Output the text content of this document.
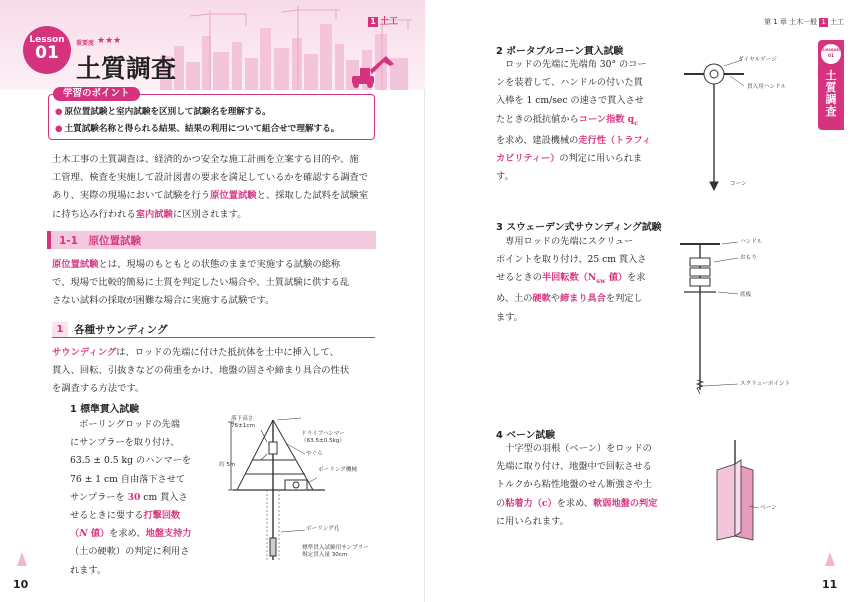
Lesson
01	重要度 ★★★
土質調査
1 土工
学習のポイント
● 原位置試験と室内試験を区別して試験名を理解する。
● 土質試験名称と得られる結果、結果の利用について組合せで理解する。

土木工事の土質調査は、経済的かつ安全な施工計画を立案する目的や、施

工管理、検査を実施して設計図書の要求を満足しているかを確認する調査で

あり、実際の現場において試験を行う原位置試験と、採取した試料を試験室

に持ち込み行われる室内試験に区別されます。

1-1　原位置試験

原位置試験とは、現場のもともとの状態のままで実施する試験の総称

で、現場で比較的簡易に土質を判定したい場合や、土質試験に供する乱

さない試料の採取が困難な場合に実施する試験です。

1	各種サウンディング

サウンディングは、ロッドの先端に付けた抵抗体を土中に挿入して、

貫入、回転、引抜きなどの荷重をかけ、地盤の固さや締まり具合の性状

を調査する方法です。

1 標準貫入試験

　ボーリングロッドの先端

にサンプラーを取り付け、

63.5 ± 0.5 kg のハンマーを

76 ± 1 cm 自由落下させて

サンプラーを 30 cm 貫入さ

せるときに要する打撃回数

（N 値）を求め、地盤支持力

（土の硬軟）の判定に利用さ

れます。

落下高さ
76±1cm
ドライブハンマー
（63.5±0.5kg）
やぐら
ボーリング機械
約 5m
ボーリング孔
標準貫入試験用サンプラー
規定貫入量 30cm
10
第 1 章 土木一般 1 土工
Lesson
01
土質調査
2 ポータブルコーン貫入試験

　ロッドの先端に先端角 30° のコー

ンを装着して、ハンドルの付いた貫

入棒を 1 cm/sec の速さで貫入させ

たときの抵抗値からコーン指数 $q_c$

を求め、建設機械の走行性（トラフィ

カビリティー）の判定に用いられま

す。

ダイヤルゲージ
貫入用ハンドル
コーン
3 スウェーデン式サウンディング試験

　専用ロッドの先端にスクリュー

ポイントを取り付け、25 cm 貫入さ

せるときの半回転数（$N_{sw}$ 値）を求

め、土の硬軟や締まり具合を判定し

ます。

ハンドル
おもり
底板
スクリューポイント
4 ベーン試験

　十字型の羽根（ベーン）をロッドの

先端に取り付け、地盤中で回転させる

トルクから粘性地盤のせん断強さや土

の粘着力（c）を求め、軟弱地盤の判定

に用いられます。

ベーン
11
